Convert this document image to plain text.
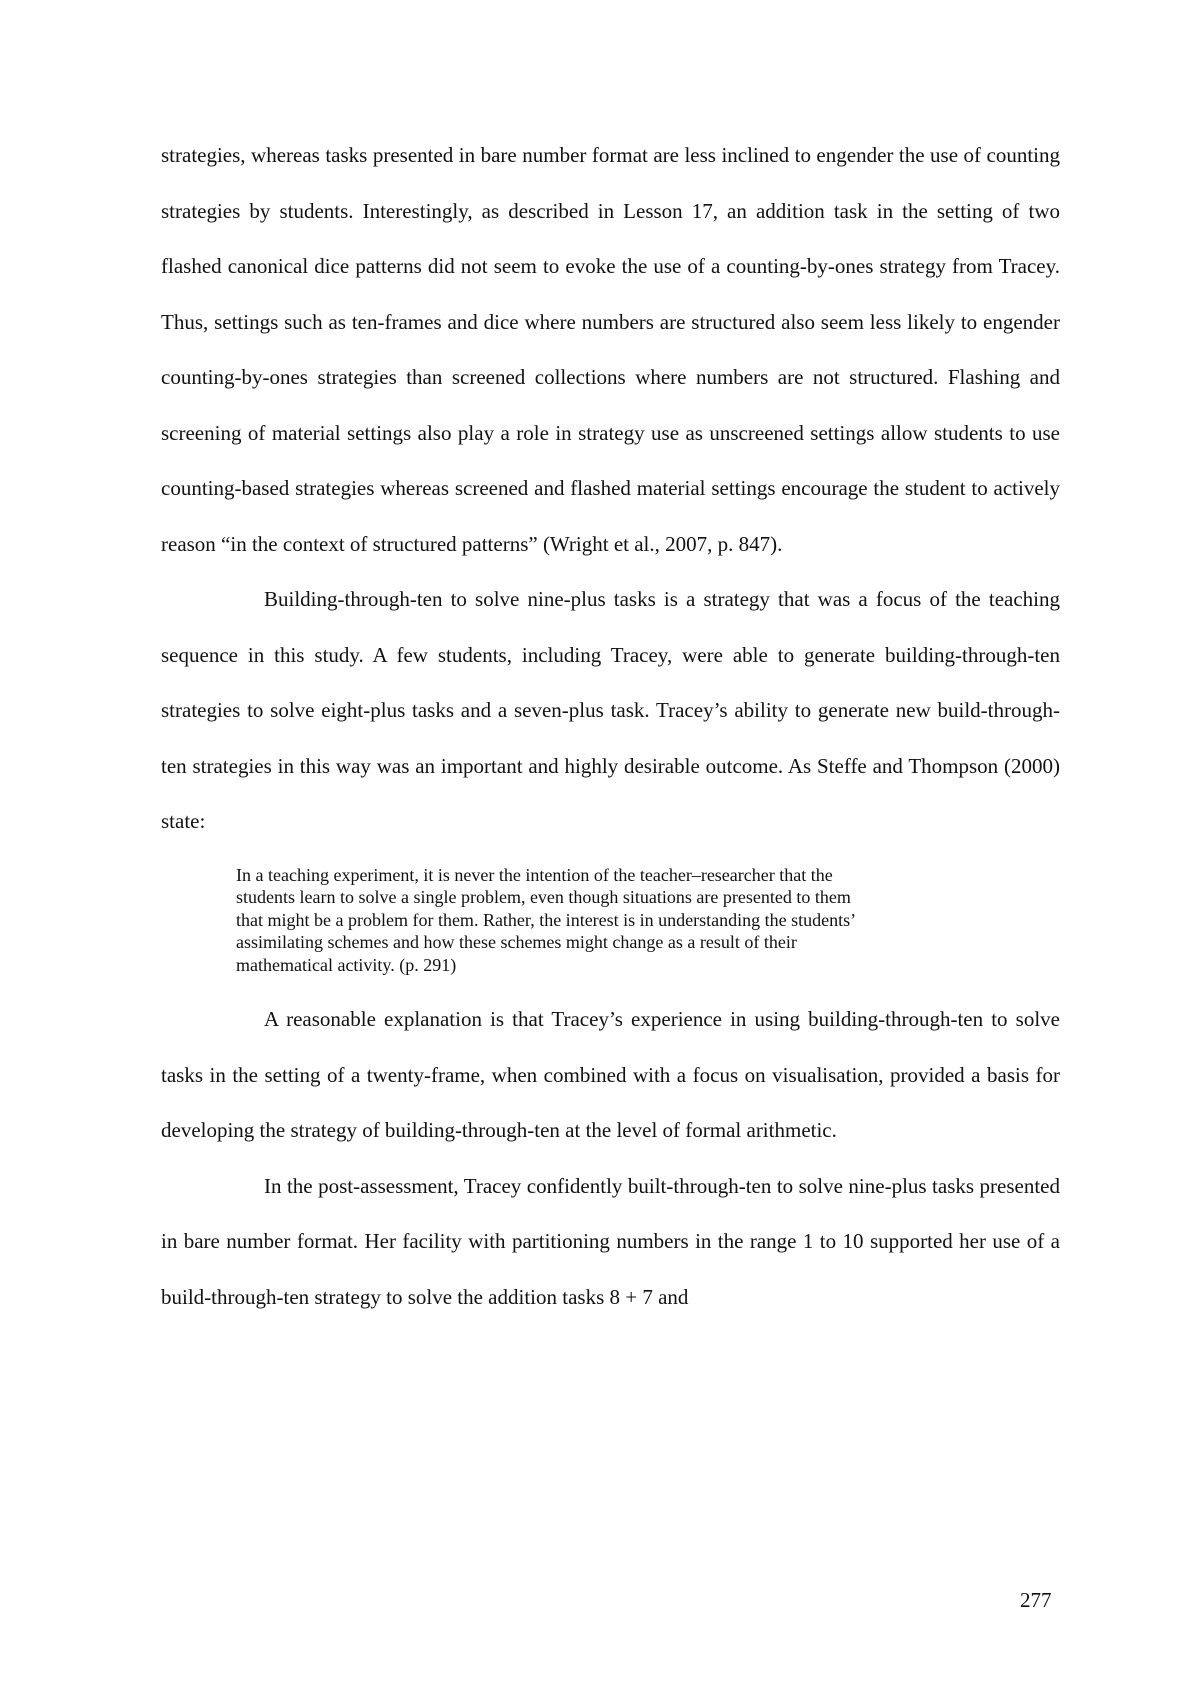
strategies, whereas tasks presented in bare number format are less inclined to engender the use of counting strategies by students. Interestingly, as described in Lesson 17, an addition task in the setting of two flashed canonical dice patterns did not seem to evoke the use of a counting-by-ones strategy from Tracey. Thus, settings such as ten-frames and dice where numbers are structured also seem less likely to engender counting-by-ones strategies than screened collections where numbers are not structured. Flashing and screening of material settings also play a role in strategy use as unscreened settings allow students to use counting-based strategies whereas screened and flashed material settings encourage the student to actively reason “in the context of structured patterns” (Wright et al., 2007, p. 847).

Building-through-ten to solve nine-plus tasks is a strategy that was a focus of the teaching sequence in this study. A few students, including Tracey, were able to generate building-through-ten strategies to solve eight-plus tasks and a seven-plus task. Tracey’s ability to generate new build-through-ten strategies in this way was an important and highly desirable outcome. As Steffe and Thompson (2000) state:

In a teaching experiment, it is never the intention of the teacher–researcher that the students learn to solve a single problem, even though situations are presented to them that might be a problem for them. Rather, the interest is in understanding the students’ assimilating schemes and how these schemes might change as a result of their mathematical activity. (p. 291)

A reasonable explanation is that Tracey’s experience in using building-through-ten to solve tasks in the setting of a twenty-frame, when combined with a focus on visualisation, provided a basis for developing the strategy of building-through-ten at the level of formal arithmetic.

In the post-assessment, Tracey confidently built-through-ten to solve nine-plus tasks presented in bare number format. Her facility with partitioning numbers in the range 1 to 10 supported her use of a build-through-ten strategy to solve the addition tasks 8 + 7 and

277
